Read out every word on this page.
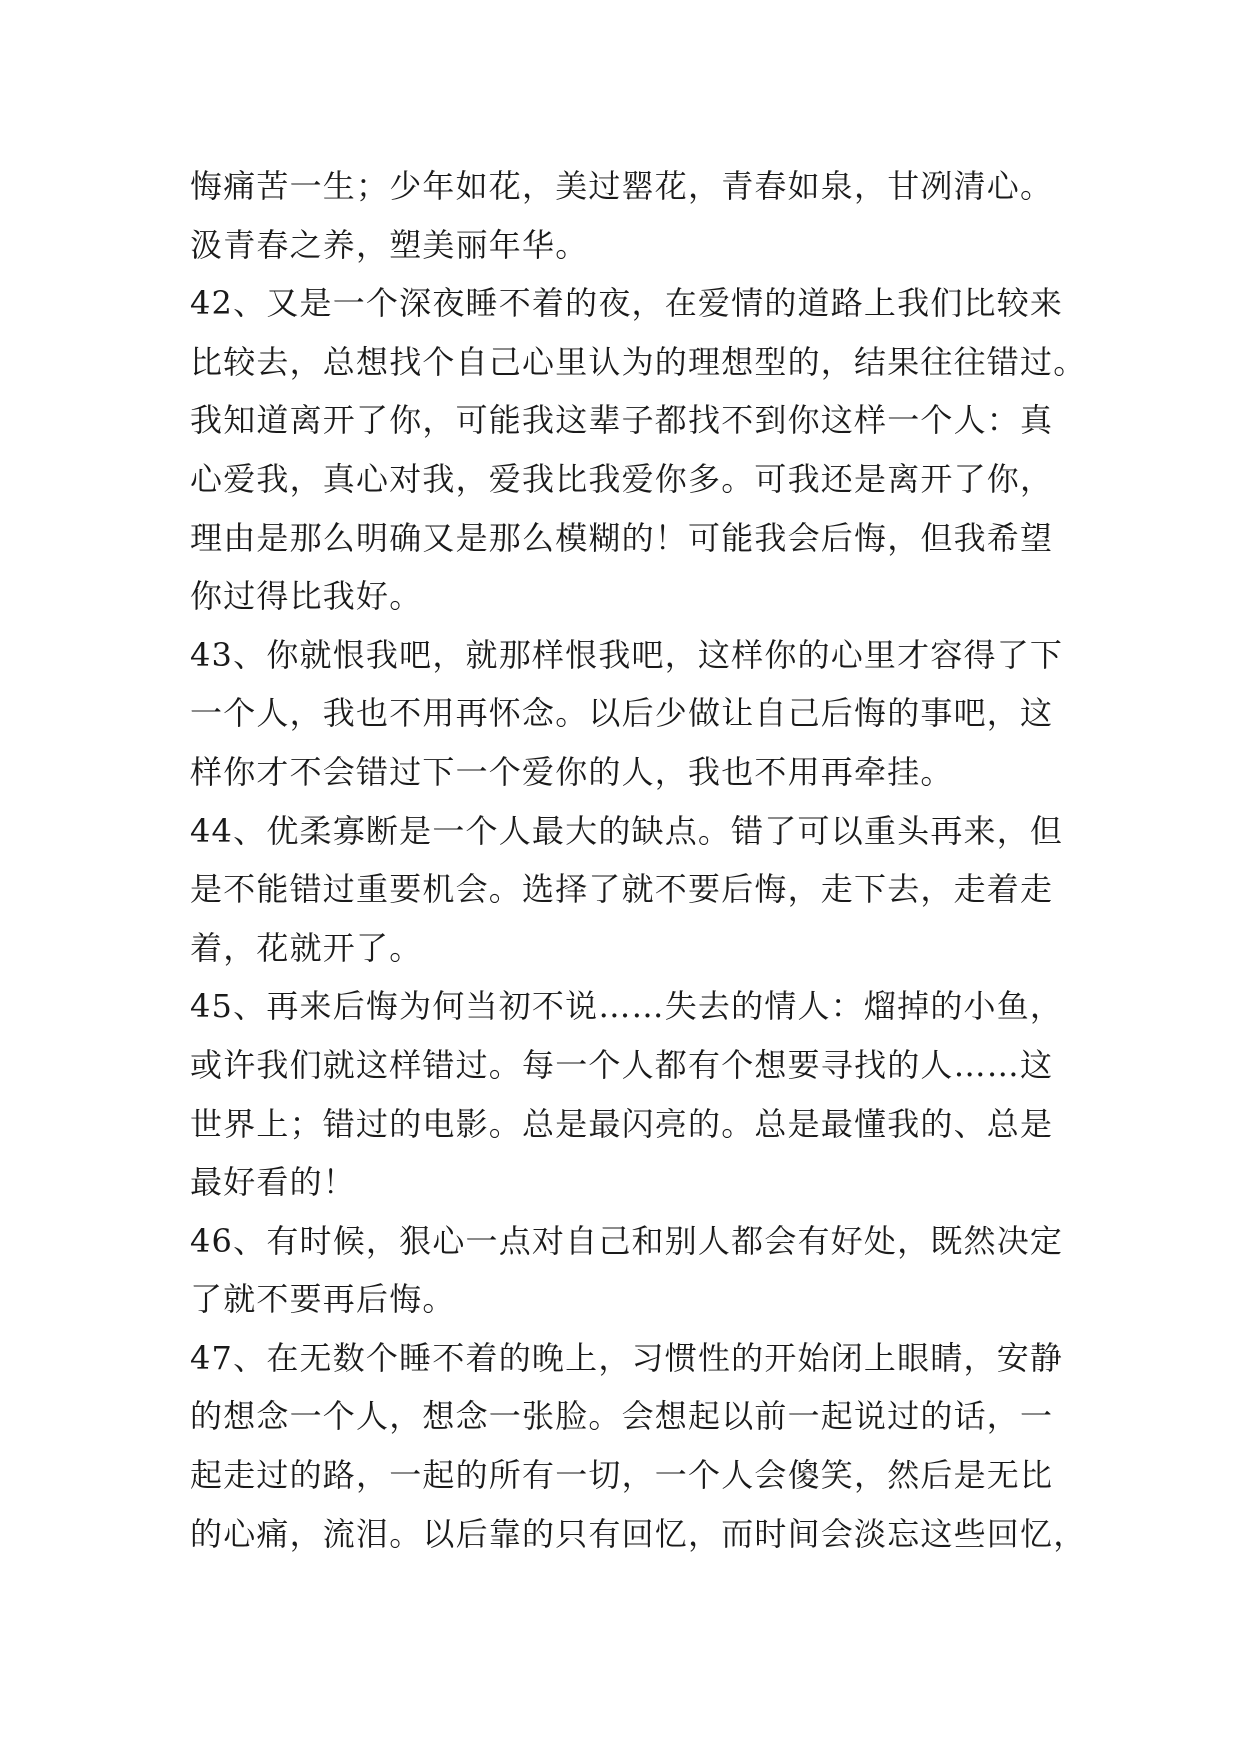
悔痛苦一生；少年如花，美过罂花，青春如泉，甘冽清心。
汲青春之养，塑美丽年华。
42、又是一个深夜睡不着的夜，在爱情的道路上我们比较来
比较去，总想找个自己心里认为的理想型的，结果往往错过。
我知道离开了你，可能我这辈子都找不到你这样一个人：真
心爱我，真心对我，爱我比我爱你多。可我还是离开了你，
理由是那么明确又是那么模糊的！可能我会后悔，但我希望
你过得比我好。
43、你就恨我吧，就那样恨我吧，这样你的心里才容得了下
一个人，我也不用再怀念。以后少做让自己后悔的事吧，这
样你才不会错过下一个爱你的人，我也不用再牵挂。
44、优柔寡断是一个人最大的缺点。错了可以重头再来，但
是不能错过重要机会。选择了就不要后悔，走下去，走着走
着，花就开了。
45、再来后悔为何当初不说……失去的情人：熘掉的小鱼，
或许我们就这样错过。每一个人都有个想要寻找的人……这
世界上；错过的电影。总是最闪亮的。总是最懂我的、总是
最好看的！
46、有时候，狠心一点对自己和别人都会有好处，既然决定
了就不要再后悔。
47、在无数个睡不着的晚上，习惯性的开始闭上眼睛，安静
的想念一个人，想念一张脸。会想起以前一起说过的话，一
起走过的路，一起的所有一切，一个人会傻笑，然后是无比
的心痛，流泪。以后靠的只有回忆，而时间会淡忘这些回忆，
